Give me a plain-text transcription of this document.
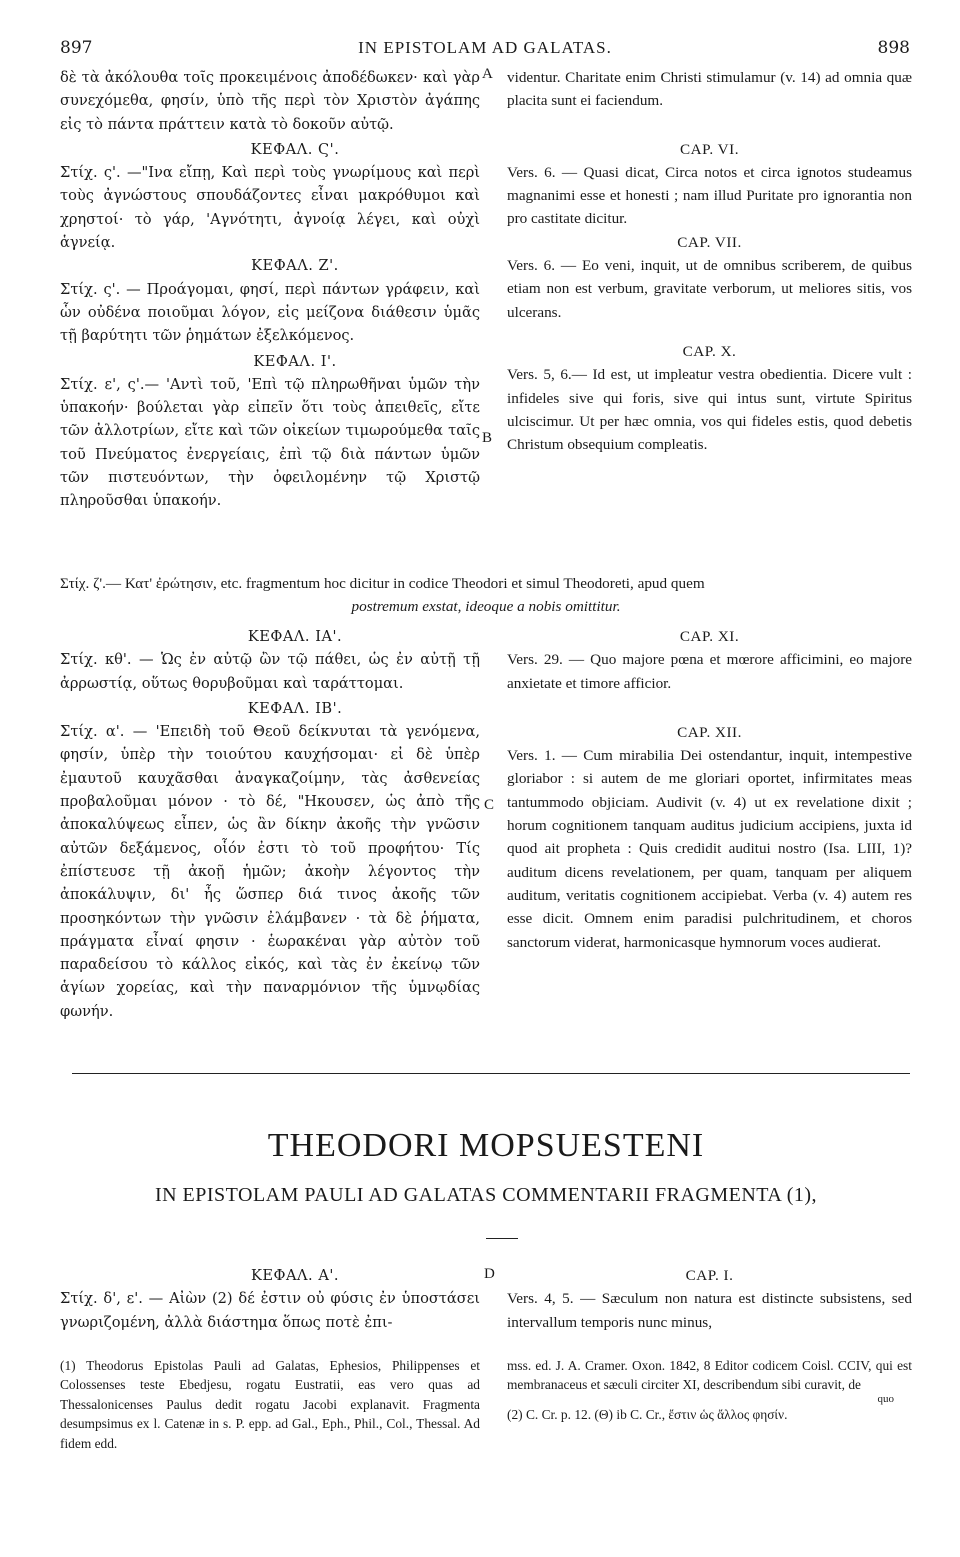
897	IN EPISTOLAM AD GALATAS.	898

δὲ τὰ ἀκόλουθα τοῖς προκειμένοις ἀποδέδωκεν· καὶ γὰρ συνεχόμεθα, φησίν, ὑπὸ τῆς περὶ τὸν Χριστὸν ἀγάπης εἰς τὸ πάντα πράττειν κατὰ τὸ δοκοῦν αὐτῷ.

ΚΕΦΑΛ. Ϛ'.

Στίχ. ς'. —"Ινα εἴπῃ, Καὶ περὶ τοὺς γνωρίμους καὶ περὶ τοὺς ἀγνώστους σπουδάζοντες εἶναι μακρόθυμοι καὶ χρηστοί· τὸ γάρ, 'Αγνότητι, ἀγνοίᾳ λέγει, καὶ οὐχὶ ἁγνείᾳ.

ΚΕΦΑΛ. Ζ'.

Στίχ. ς'. — Προάγομαι, φησί, περὶ πάντων γράφειν, καὶ ὧν οὐδένα ποιοῦμαι λόγον, εἰς μείζονα διάθεσιν ὑμᾶς τῇ βαρύτητι τῶν ῥημάτων ἐξελκόμενος.

ΚΕΦΑΛ. Ι'.

Στίχ. ε', ς'.— 'Αντὶ τοῦ, 'Επὶ τῷ πληρωθῆναι ὑμῶν τὴν ὑπακοήν· βούλεται γὰρ εἰπεῖν ὅτι τοὺς ἀπειθεῖς, εἴτε τῶν ἀλλοτρίων, εἴτε καὶ τῶν οἰκείων τιμωρούμεθα ταῖς τοῦ Πνεύματος ἐνεργείαις, ἐπὶ τῷ διὰ πάντων ὑμῶν τῶν πιστευόντων, τὴν ὀφειλομένην τῷ Χριστῷ πληροῦσθαι ὑπακοήν.

videntur. Charitate enim Christi stimulamur (v. 14) ad omnia quæ placita sunt ei faciendum.

CAP. VI.

Vers. 6. — Quasi dicat, Circa notos et circa ignotos studeamus magnanimi esse et honesti ; nam illud Puritate pro ignorantia non pro castitate dicitur.

CAP. VII.

Vers. 6. — Eo veni, inquit, ut de omnibus scriberem, de quibus etiam non est verbum, gravitate verborum, ut meliores sitis, vos ulcerans.

CAP. X.

Vers. 5, 6.— Id est, ut impleatur vestra obedientia. Dicere vult : infideles sive qui foris, sive qui intus sunt, virtute Spiritus ulciscimur. Ut per hæc omnia, vos qui fideles estis, quod debetis Christum obsequium compleatis.

A
B

Στίχ. ζ'.— Κατ' ἐρώτησιν, etc. fragmentum hoc dicitur in codice Theodori et simul Theodoreti, apud quem

postremum exstat, ideoque a nobis omittitur.

ΚΕΦΑΛ. ΙΑ'.

Στίχ. κθ'. — Ὡς ἐν αὐτῷ ὢν τῷ πάθει, ὡς ἐν αὐτῇ τῇ ἀρρωστίᾳ, οὕτως θορυβοῦμαι καὶ ταράττομαι.

ΚΕΦΑΛ. ΙΒ'.

Στίχ. α'. — 'Επειδὴ τοῦ Θεοῦ δείκνυται τὰ γενόμενα, φησίν, ὑπὲρ τὴν τοιούτου καυχήσομαι· εἰ δὲ ὑπὲρ ἐμαυτοῦ καυχᾶσθαι ἀναγκαζοίμην, τὰς ἀσθενείας προβαλοῦμαι μόνον · τὸ δέ, "Ηκουσεν, ὡς ἀπὸ τῆς ἀποκαλύψεως εἶπεν, ὡς ἂν δίκην ἀκοῆς τὴν γνῶσιν αὐτῶν δεξάμενος, οἷόν ἐστι τὸ τοῦ προφήτου· Τίς ἐπίστευσε τῇ ἀκοῇ ἡμῶν; ἀκοὴν λέγοντος τὴν ἀποκάλυψιν, δι' ἧς ὥσπερ διά τινος ἀκοῆς τῶν προσηκόντων τὴν γνῶσιν ἐλάμβανεν · τὰ δὲ ῥήματα, πράγματα εἶναί φησιν · ἑωρακέναι γὰρ αὐτὸν τοῦ παραδείσου τὸ κάλλος εἰκός, καὶ τὰς ἐν ἐκείνῳ τῶν ἁγίων χορείας, καὶ τὴν παναρμόνιον τῆς ὑμνῳδίας φωνήν.

CAP. XI.

Vers. 29. — Quo majore pœna et mœrore afficimini, eo majore anxietate et timore afficior.

CAP. XII.

Vers. 1. — Cum mirabilia Dei ostendantur, inquit, intempestive gloriabor : si autem de me gloriari oportet, infirmitates meas tantummodo objiciam. Audivit (v. 4) ut ex revelatione dixit ; horum cognitionem tanquam auditus judicium accipiens, juxta id quod ait propheta : Quis credidit auditui nostro (Isa. LIII, 1)? auditum dicens revelationem, per quam, tanquam per aliquem auditum, veritatis cognitionem accipiebat. Verba (v. 4) autem res esse dicit. Omnem enim paradisi pulchritudinem, et choros sanctorum viderat, harmonicasque hymnorum voces audierat.

C
THEODORI MOPSUESTENI
IN EPISTOLAM PAULI AD GALATAS COMMENTARII FRAGMENTA (1),

ΚΕΦΑΛ. Α'.

Στίχ. δ', ε'. — Αἰὼν (2) δέ ἐστιν οὐ φύσις ἐν ὑποστάσει γνωριζομένη, ἀλλὰ διάστημα ὅπως ποτὲ ἐπι-

CAP. I.

Vers. 4, 5. — Sæculum non natura est distincte subsistens, sed intervallum temporis nunc minus,

D

(1) Theodorus Epistolas Pauli ad Galatas, Ephesios, Philippenses et Colossenses teste Ebedjesu, rogatu Eustratii, eas vero quas ad Thessalonicenses Paulus dedit rogatu Jacobi explanavit. Fragmenta desumpsimus ex l. Catenæ in s. P. epp. ad Gal., Eph., Phil., Col., Thessal. Ad fidem edd.

mss. ed. J. A. Cramer. Oxon. 1842, 8 Editor codicem Coisl. CCIV, qui est membranaceus et sæculi circiter XI, describendum sibi curavit, de

quo

(2) C. Cr. p. 12. (Θ) ib C. Cr., ἔστιν ὡς ἄλλος φησίν.
